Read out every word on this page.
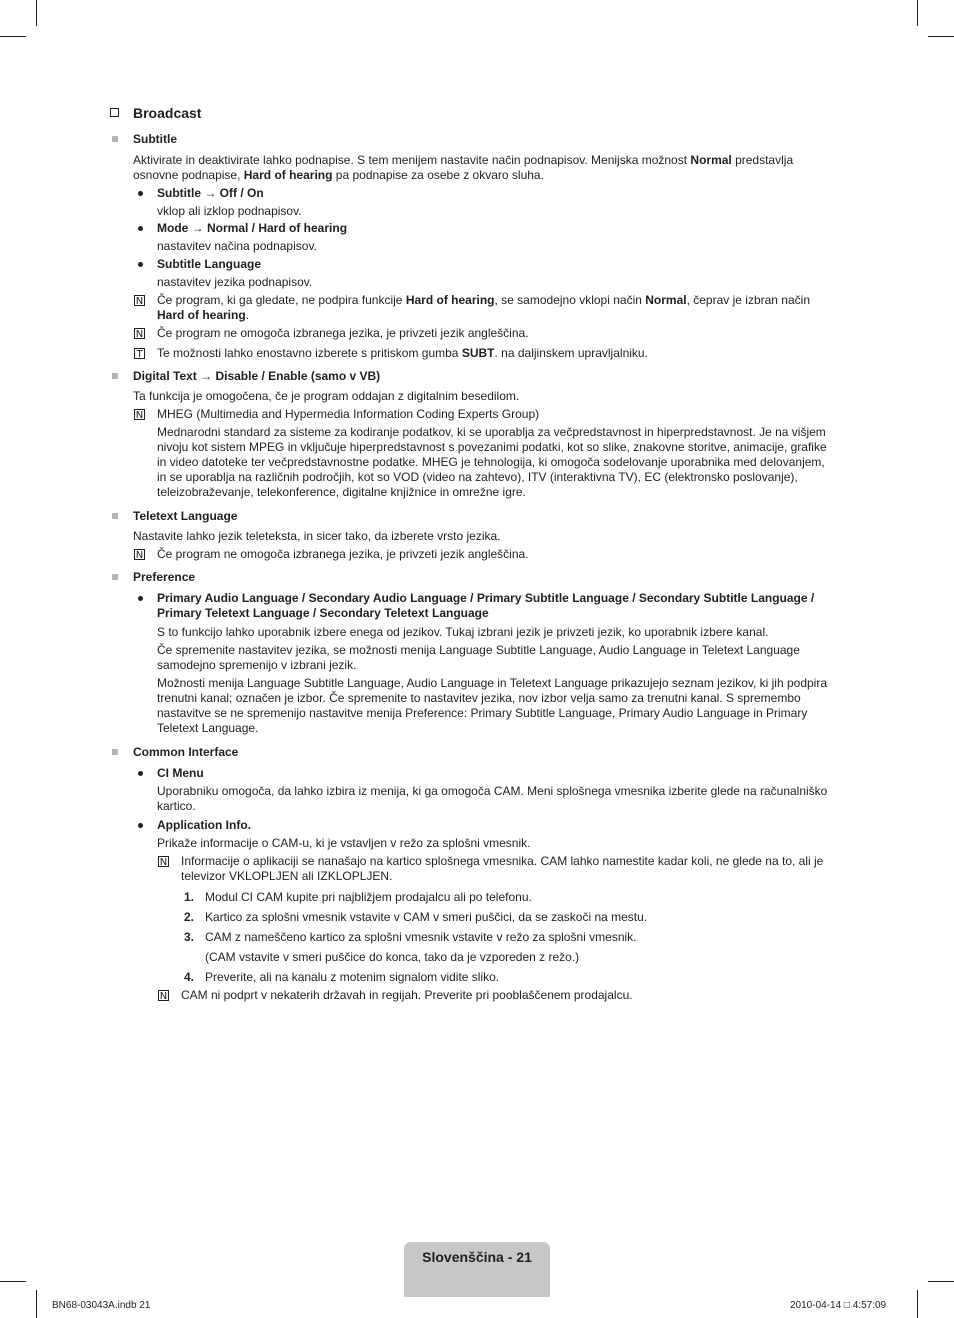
Broadcast
Subtitle
Aktivirate in deaktivirate lahko podnapise. S tem menijem nastavite način podnapisov. Menijska možnost Normal predstavlja
osnovne podnapise, Hard of hearing pa podnapise za osebe z okvaro sluha.
Subtitle → Off / On
vklop ali izklop podnapisov.
Mode → Normal / Hard of hearing
nastavitev načina podnapisov.
Subtitle Language
nastavitev jezika podnapisov.
N Če program, ki ga gledate, ne podpira funkcije Hard of hearing, se samodejno vklopi način Normal, čeprav je izbran način
Hard of hearing.
N Če program ne omogoča izbranega jezika, je privzeti jezik angleščina.
T Te možnosti lahko enostavno izberete s pritiskom gumba SUBT. na daljinskem upravljalniku.
Digital Text → Disable / Enable (samo v VB)
Ta funkcija je omogočena, če je program oddajan z digitalnim besedilom.
N MHEG (Multimedia and Hypermedia Information Coding Experts Group)
Mednarodni standard za sisteme za kodiranje podatkov, ki se uporablja za večpredstavnost in hiperpredstavnost. Je na višjem
nivoju kot sistem MPEG in vključuje hiperpredstavnost s povezanimi podatki, kot so slike, znakovne storitve, animacije, grafike
in video datoteke ter večpredstavnostne podatke. MHEG je tehnologija, ki omogoča sodelovanje uporabnika med delovanjem,
in se uporablja na različnih področjih, kot so VOD (video na zahtevo), ITV (interaktivna TV), EC (elektronsko poslovanje),
teleizobraževanje, telekonference, digitalne knjižnice in omrežne igre.
Teletext Language
Nastavite lahko jezik teleteksta, in sicer tako, da izberete vrsto jezika.
N Če program ne omogoča izbranega jezika, je privzeti jezik angleščina.
Preference
Primary Audio Language / Secondary Audio Language / Primary Subtitle Language / Secondary Subtitle Language /
Primary Teletext Language / Secondary Teletext Language
S to funkcijo lahko uporabnik izbere enega od jezikov. Tukaj izbrani jezik je privzeti jezik, ko uporabnik izbere kanal.
Če spremenite nastavitev jezika, se možnosti menija Language Subtitle Language, Audio Language in Teletext Language
samodejno spremenijo v izbrani jezik.
Možnosti menija Language Subtitle Language, Audio Language in Teletext Language prikazujejo seznam jezikov, ki jih podpira
trenutni kanal; označen je izbor. Če spremenite to nastavitev jezika, nov izbor velja samo za trenutni kanal. S spremembo
nastavitve se ne spremenijo nastavitve menija Preference: Primary Subtitle Language, Primary Audio Language in Primary
Teletext Language.
Common Interface
CI Menu
Uporabniku omogoča, da lahko izbira iz menija, ki ga omogoča CAM. Meni splošnega vmesnika izberite glede na računalniško
kartico.
Application Info.
Prikaže informacije o CAM-u, ki je vstavljen v režo za splošni vmesnik.
N Informacije o aplikaciji se nanašajo na kartico splošnega vmesnika. CAM lahko namestite kadar koli, ne glede na to, ali je
televizor VKLOPLJEN ali IZKLOPLJEN.
1. Modul CI CAM kupite pri najbližjem prodajalcu ali po telefonu.
2. Kartico za splošni vmesnik vstavite v CAM v smeri puščici, da se zaskoči na mestu.
3. CAM z nameščeno kartico za splošni vmesnik vstavite v režo za splošni vmesnik.
(CAM vstavite v smeri puščice do konca, tako da je vzporeden z režo.)
4. Preverite, ali na kanalu z motenim signalom vidite sliko.
N CAM ni podprt v nekaterih državah in regijah. Preverite pri pooblaščenem prodajalcu.
Slovenščina - 21
BN68-03043A.indb 21	2010-04-14 □ 4:57:09
